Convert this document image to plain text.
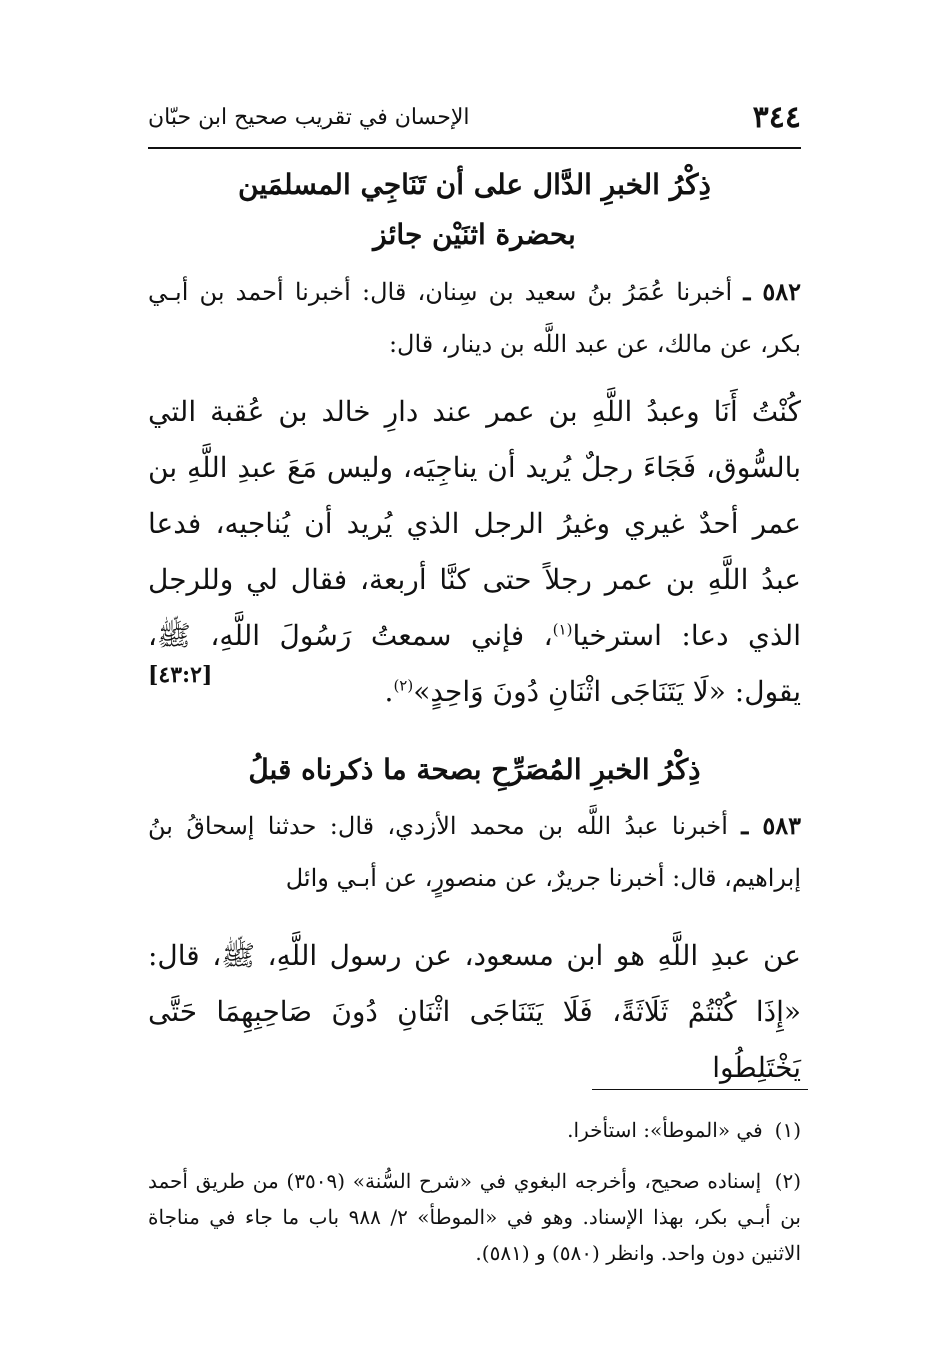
٣٤٤
الإحسان في تقريب صحيح ابن حبّان
ذِكْرُ الخبرِ الدَّال على أن تَنَاجِي المسلمَين
بحضرة اثنَيْن جائز
٥٨٢ ـ أخبرنا عُمَرُ بنُ سعيد بن سِنان، قال: أخبرنا أحمد بن أبـي بكر، عن مالك، عن عبد اللَّه بن دينار، قال:
كُنْتُ أَنَا وعبدُ اللَّهِ بن عمر عند دارِ خالد بن عُقبة التي بالسُّوق، فَجَاءَ رجلٌ يُريد أن يناجِيَه، وليس مَعَ عبدِ اللَّهِ بن عمر أحدٌ غيري وغيرُ الرجل الذي يُريد أن يُناجيه، فدعا عبدُ اللَّهِ بن عمر رجلاً حتى كنَّا أربعة، فقال لي وللرجل الذي دعا: استرخيا$^{(١)}$، فإني سمعتُ رَسُولَ اللَّهِ، ﷺ، يقول: «لَا يَتَنَاجَى اثْنَانِ دُونَ وَاحِدٍ»$^{(٢)}$.
[٤٣:٢]
ذِكْرُ الخبرِ المُصَرِّحِ بصحة ما ذكرناه قبلُ
٥٨٣ ـ أخبرنا عبدُ اللَّه بن محمد الأزدي، قال: حدثنا إسحاقُ بنُ إبراهيم، قال: أخبرنا جريرٌ، عن منصورٍ، عن أبـي وائل
عن عبدِ اللَّهِ هو ابن مسعود، عن رسول اللَّهِ، ﷺ، قال: «إِذَا كُنْتُمْ ثَلَاثَةً، فَلَا يَتَنَاجَى اثْنَانِ دُونَ صَاحِبِهِمَا حَتَّى يَخْتَلِطُوا
(١) في «الموطأ»: استأخرا.
(٢) إسناده صحيح، وأخرجه البغوي في «شرح السُّنة» (٣٥٠٩) من طريق أحمد بن أبـي بكر، بهذا الإسناد. وهو في «الموطأ» ٢/ ٩٨٨ باب ما جاء في مناجاة الاثنين دون واحد. وانظر (٥٨٠) و (٥٨١).
